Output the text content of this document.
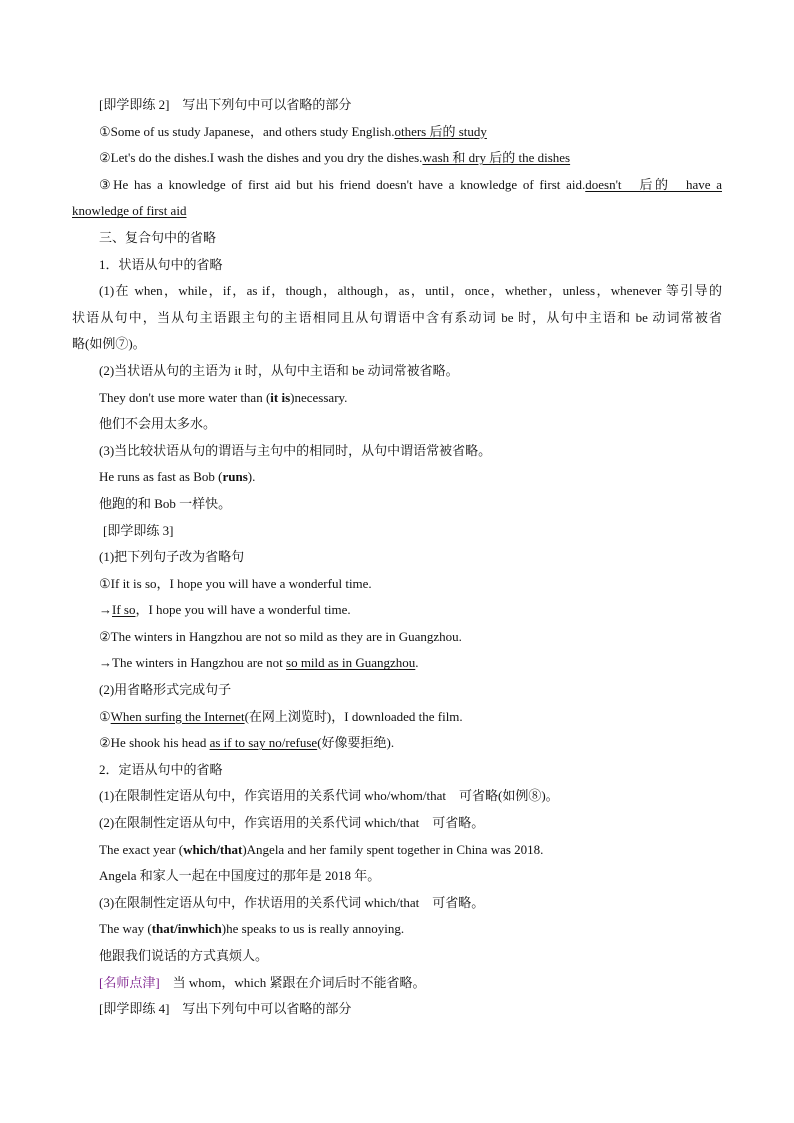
[即学即练 2]　写出下列句中可以省略的部分
①Some of us study Japanese，and others study English.others 后的 study
②Let's do the dishes.I wash the dishes and you dry the dishes.wash 和 dry 后的 the dishes
③He has a knowledge of first aid but his friend doesn't have a knowledge of first aid.doesn't　后的　have a
knowledge of first aid
三、复合句中的省略
1．状语从句中的省略
(1)在 when，while，if，as if，though，although，as，until，once，whether，unless，whenever 等引导的
状语从句中，当从句主语跟主句的主语相同且从句谓语中含有系动词 be 时，从句中主语和 be 动词常被省
略(如例⑦)。
(2)当状语从句的主语为 it 时，从句中主语和 be 动词常被省略。
They don't use more water than (it is)necessary.
他们不会用太多水。
(3)当比较状语从句的谓语与主句中的相同时，从句中谓语常被省略。
He runs as fast as Bob (runs).
他跑的和 Bob 一样快。
[即学即练 3]
(1)把下列句子改为省略句
①If it is so，I hope you will have a wonderful time.
→If so，I hope you will have a wonderful time.
②The winters in Hangzhou are not so mild as they are in Guangzhou.
→The winters in Hangzhou are not so mild as in Guangzhou.
(2)用省略形式完成句子
①When surfing the Internet(在网上浏览时)，I downloaded the film.
②He shook his head as if to say no/refuse(好像要拒绝).
2．定语从句中的省略
(1)在限制性定语从句中，作宾语用的关系代词 who/whom/that　可省略(如例⑧)。
(2)在限制性定语从句中，作宾语用的关系代词 which/that　可省略。
The exact year (which/that)Angela and her family spent together in China was 2018.
Angela 和家人一起在中国度过的那年是 2018 年。
(3)在限制性定语从句中，作状语用的关系代词 which/that　可省略。
The way (that/inwhich)he speaks to us is really annoying.
他跟我们说话的方式真烦人。
[名师点津]　当 whom，which 紧跟在介词后时不能省略。
[即学即练 4]　写出下列句中可以省略的部分
